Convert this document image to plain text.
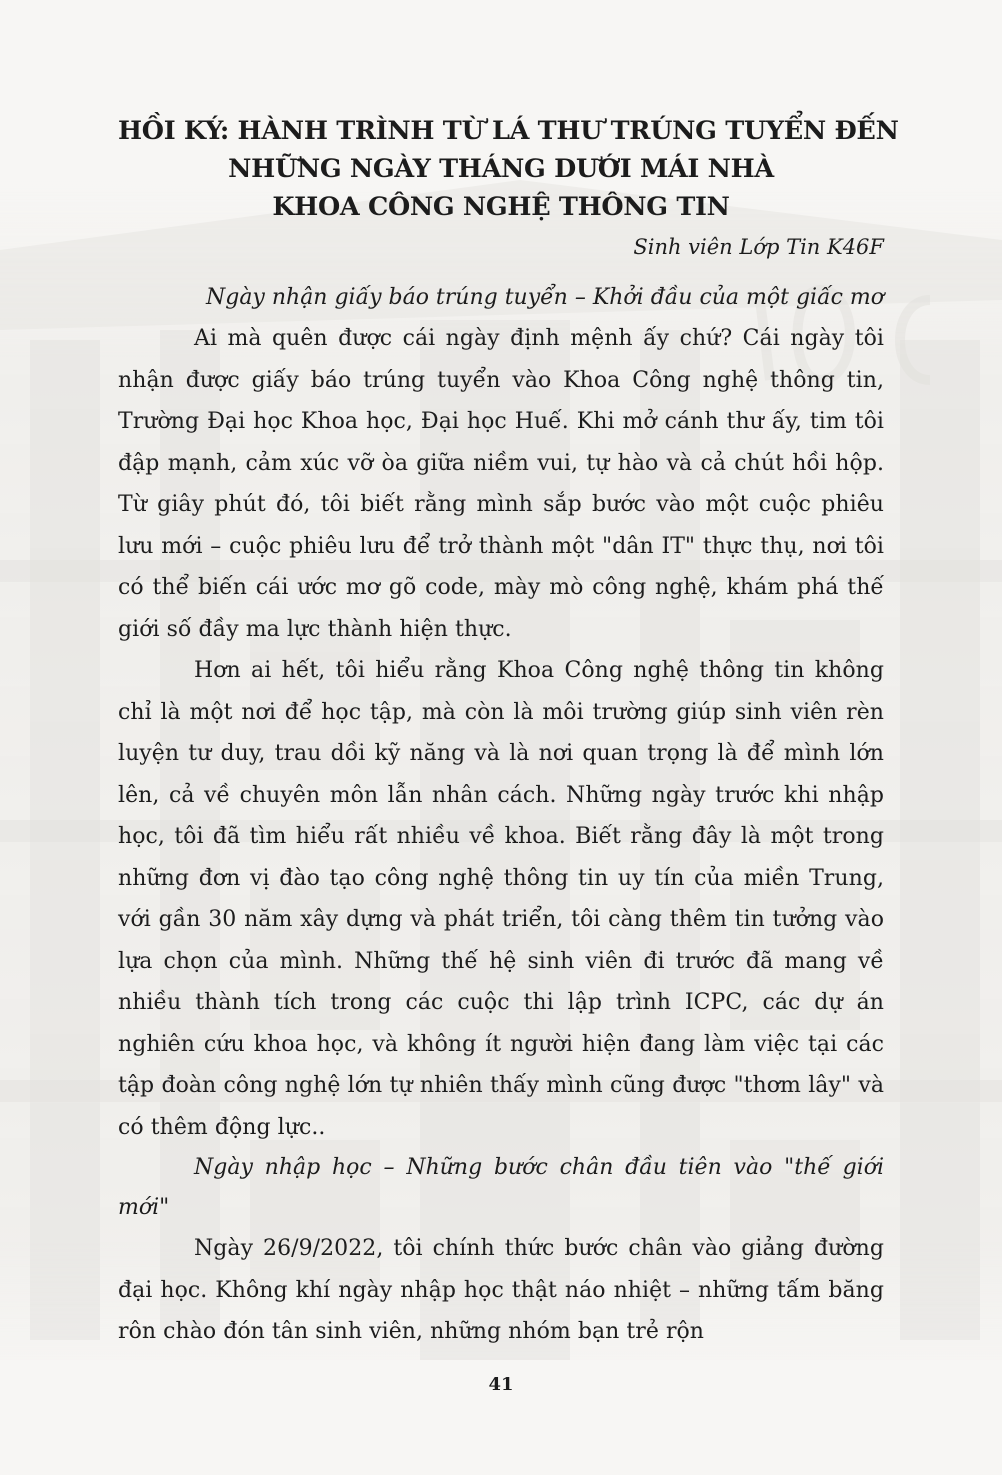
HỒI KÝ: HÀNH TRÌNH TỪ LÁ THƯ TRÚNG TUYỂN ĐẾN
NHỮNG NGÀY THÁNG DƯỚI MÁI NHÀ
KHOA CÔNG NGHỆ THÔNG TIN
Sinh viên Lớp Tin K46F
Ngày nhận giấy báo trúng tuyển – Khởi đầu của một giấc mơ

Ai mà quên được cái ngày định mệnh ấy chứ? Cái ngày tôi nhận được giấy báo trúng tuyển vào Khoa Công nghệ thông tin, Trường Đại học Khoa học, Đại học Huế. Khi mở cánh thư ấy, tim tôi đập mạnh, cảm xúc vỡ òa giữa niềm vui, tự hào và cả chút hồi hộp. Từ giây phút đó, tôi biết rằng mình sắp bước vào một cuộc phiêu lưu mới – cuộc phiêu lưu để trở thành một "dân IT" thực thụ, nơi tôi có thể biến cái ước mơ gõ code, mày mò công nghệ, khám phá thế giới số đầy ma lực thành hiện thực.

Hơn ai hết, tôi hiểu rằng Khoa Công nghệ thông tin không chỉ là một nơi để học tập, mà còn là môi trường giúp sinh viên rèn luyện tư duy, trau dồi kỹ năng và là nơi quan trọng là để mình lớn lên, cả về chuyên môn lẫn nhân cách. Những ngày trước khi nhập học, tôi đã tìm hiểu rất nhiều về khoa. Biết rằng đây là một trong những đơn vị đào tạo công nghệ thông tin uy tín của miền Trung, với gần 30 năm xây dựng và phát triển, tôi càng thêm tin tưởng vào lựa chọn của mình. Những thế hệ sinh viên đi trước đã mang về nhiều thành tích trong các cuộc thi lập trình ICPC, các dự án nghiên cứu khoa học, và không ít người hiện đang làm việc tại các tập đoàn công nghệ lớn tự nhiên thấy mình cũng được "thơm lây" và có thêm động lực..

Ngày nhập học – Những bước chân đầu tiên vào "thế giới mới"

Ngày 26/9/2022, tôi chính thức bước chân vào giảng đường đại học. Không khí ngày nhập học thật náo nhiệt – những tấm băng rôn chào đón tân sinh viên, những nhóm bạn trẻ rộn

41
